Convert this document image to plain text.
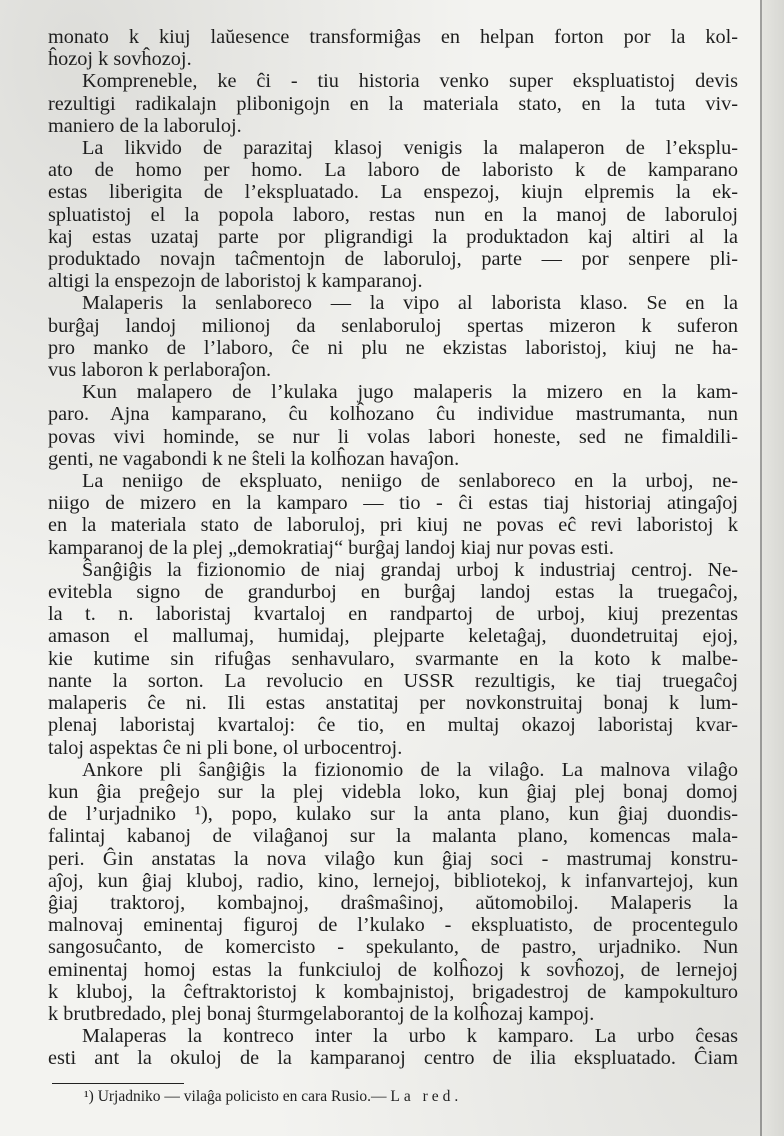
monato k kiuj laŭesence transformiĝas en helpan forton por la kol-
ĥozoj k sovĥozoj.
Kompreneble, ke ĉi - tiu historia venko super ekspluatistoj devis
rezultigi radikalajn plibonigojn en la materiala stato, en la tuta viv-
maniero de la laboruloj.
La likvido de parazitaj klasoj venigis la malaperon de l’eksplu-
ato de homo per homo. La laboro de laboristo k de kamparano
estas liberigita de l’ekspluatado. La enspezoj, kiujn elpremis la ek-
spluatistoj el la popola laboro, restas nun en la manoj de laboruloj
kaj estas uzataj parte por pligrandigi la produktadon kaj altiri al la
produktado novajn taĉmentojn de laboruloj, parte — por senpere pli-
altigi la enspezojn de laboristoj k kamparanoj.
Malaperis la senlaboreco — la vipo al laborista klaso. Se en la
burĝaj landoj milionoj da senlaboruloj spertas mizeron k suferon
pro manko de l’laboro, ĉe ni plu ne ekzistas laboristoj, kiuj ne ha-
vus laboron k perlaboraĵon.
Kun malapero de l’kulaka jugo malaperis la mizero en la kam-
paro. Ajna kamparano, ĉu kolĥozano ĉu individue mastrumanta, nun
povas vivi hominde, se nur li volas labori honeste, sed ne fimaldili-
genti, ne vagabondi k ne ŝteli la kolĥozan havaĵon.
La neniigo de ekspluato, neniigo de senlaboreco en la urboj, ne-
niigo de mizero en la kamparo — tio - ĉi estas tiaj historiaj atingaĵoj
en la materiala stato de laboruloj, pri kiuj ne povas eĉ revi laboristoj k
kamparanoj de la plej „demokratiaj“ burĝaj landoj kiaj nur povas esti.
Ŝanĝiĝis la fizionomio de niaj grandaj urboj k industriaj centroj. Ne-
evitebla signo de grandurboj en burĝaj landoj estas la truegaĉoj,
la t. n. laboristaj kvartaloj en randpartoj de urboj, kiuj prezentas
amason el mallumaj, humidaj, plejparte keletaĝaj, duondetruitaj ejoj,
kie kutime sin rifuĝas senhavularo, svarmante en la koto k malbe-
nante la sorton. La revolucio en USSR rezultigis, ke tiaj truegaĉoj
malaperis ĉe ni. Ili estas anstatitaj per novkonstruitaj bonaj k lum-
plenaj laboristaj kvartaloj: ĉe tio, en multaj okazoj laboristaj kvar-
taloj aspektas ĉe ni pli bone, ol urbocentroj.
Ankore pli ŝanĝiĝis la fizionomio de la vilaĝo. La malnova vilaĝo
kun ĝia preĝejo sur la plej videbla loko, kun ĝiaj plej bonaj domoj
de l’urjadniko ¹), popo, kulako sur la anta plano, kun ĝiaj duondis-
falintaj kabanoj de vilaĝanoj sur la malanta plano, komencas mala-
peri. Ĝin anstatas la nova vilaĝo kun ĝiaj soci - mastrumaj konstru-
aĵoj, kun ĝiaj kluboj, radio, kino, lernejoj, bibliotekoj, k infanvartejoj, kun
ĝiaj traktoroj, kombajnoj, draŝmaŝinoj, aŭtomobiloj. Malaperis la
malnovaj eminentaj figuroj de l’kulako - ekspluatisto, de procentegulo
sangosuĉanto, de komercisto - spekulanto, de pastro, urjadniko. Nun
eminentaj homoj estas la funkciuloj de kolĥozoj k sovĥozoj, de lernejoj
k kluboj, la ĉeftraktoristoj k kombajnistoj, brigadestroj de kampokulturo
k brutbredado, plej bonaj ŝturmgelaborantoj de la kolĥozaj kampoj.
Malaperas la kontreco inter la urbo k kamparo. La urbo ĉesas
esti ant la okuloj de la kamparanoj centro de ilia ekspluatado. Ĉiam
¹) Urjadniko — vilaĝa policisto en cara Rusio.— La red.
